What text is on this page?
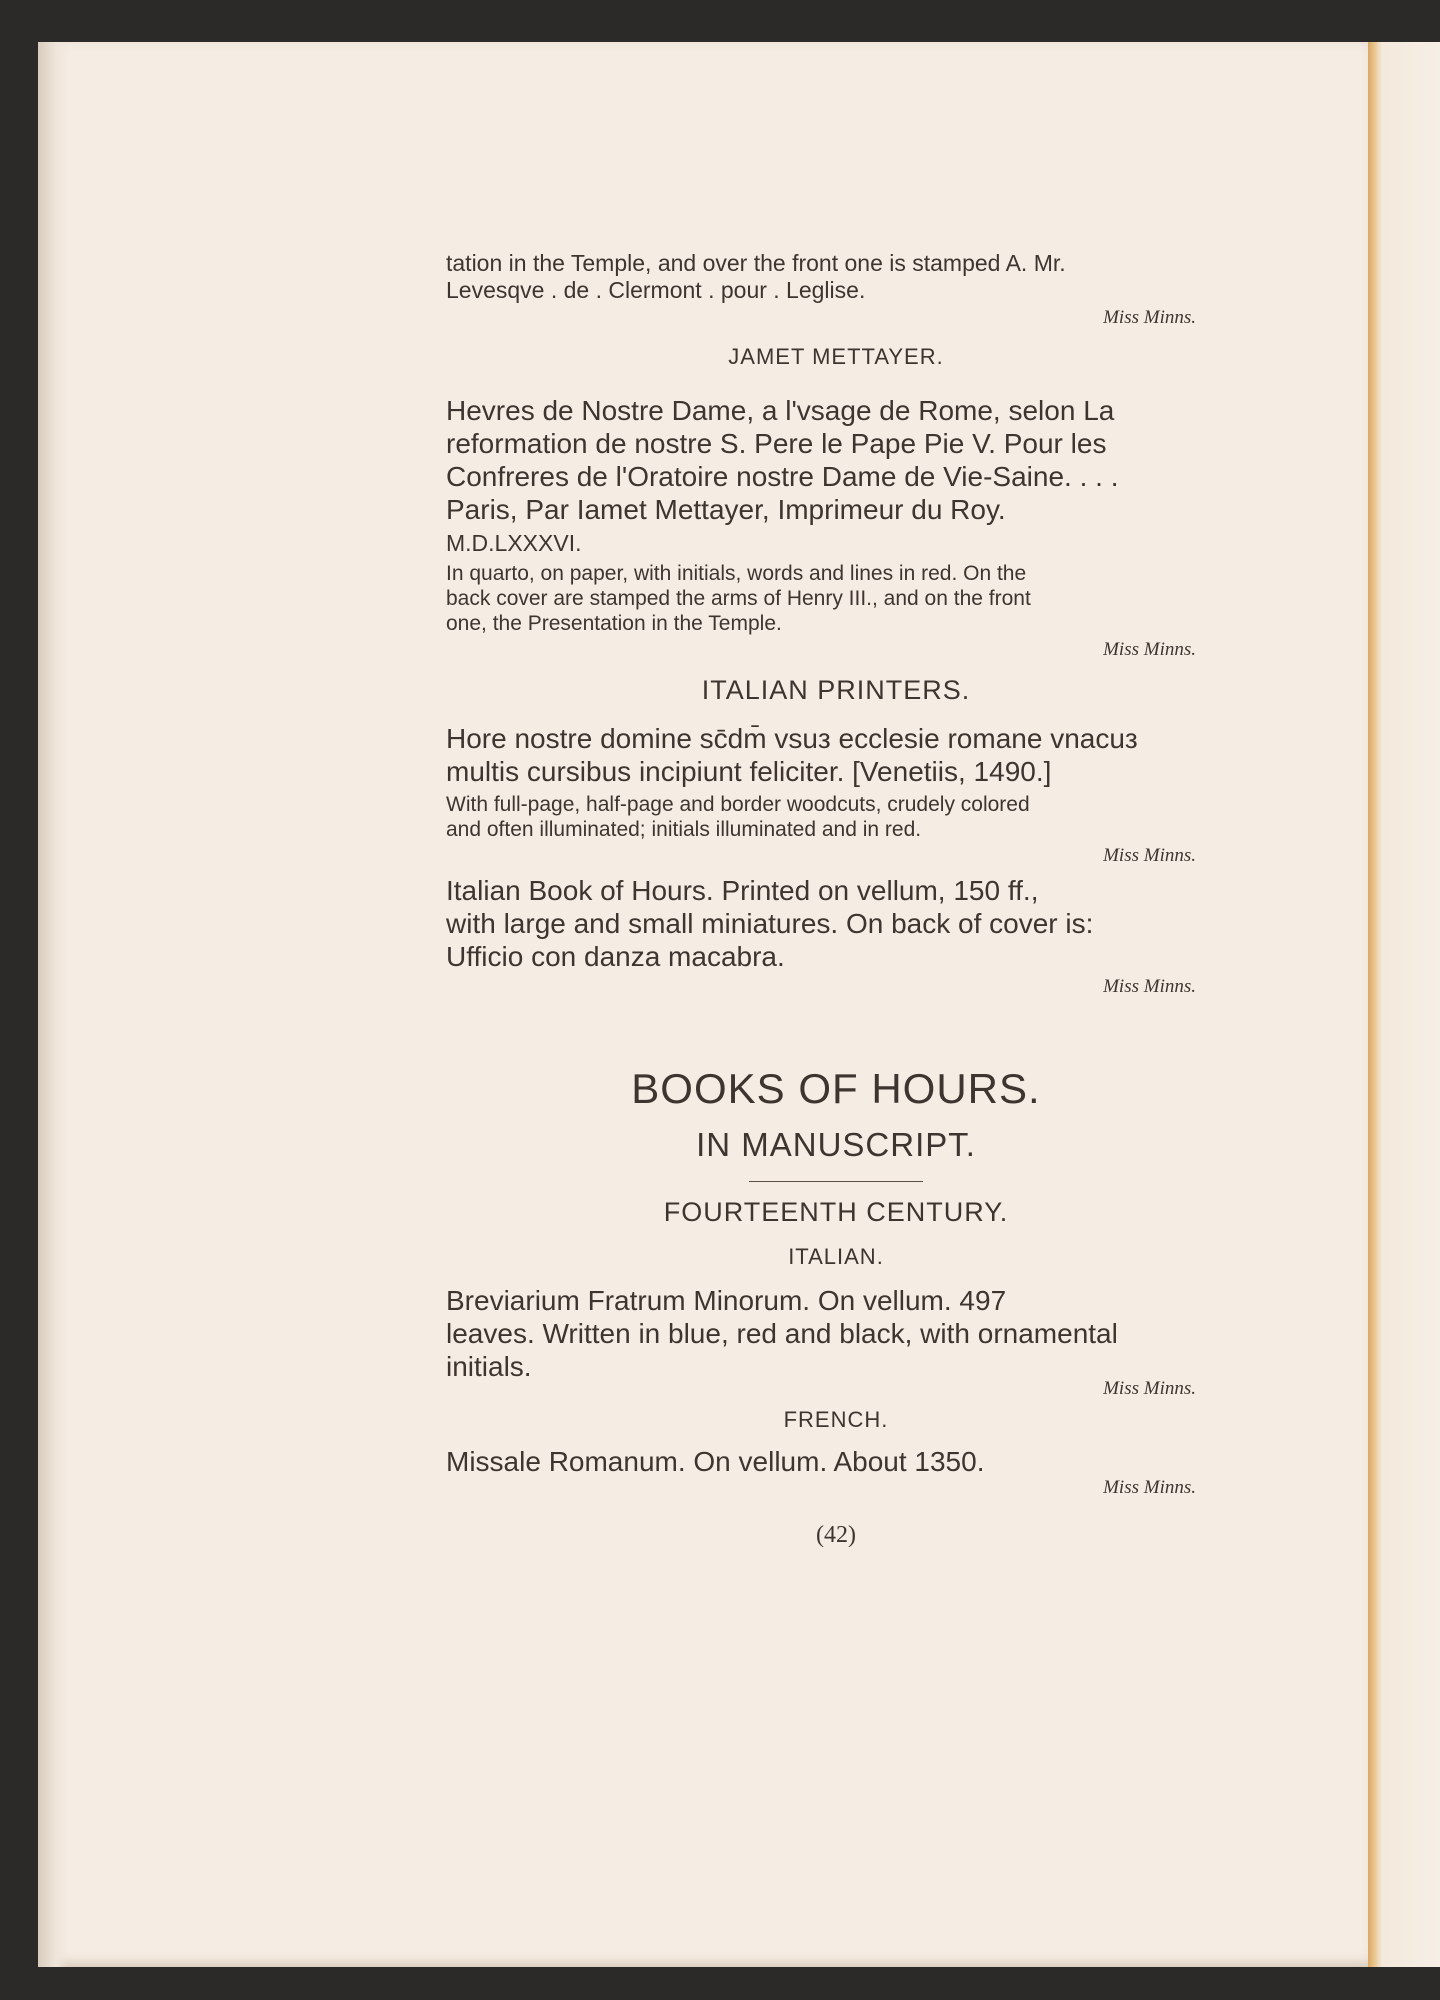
tation in the Temple, and over the front one is stamped A. Mr.

Levesqve . de . Clermont . pour . Leglise.

Miss Minns.

JAMET METTAYER.

Hevres de Nostre Dame, a l'vsage de Rome, selon La

reformation de nostre S. Pere le Pape Pie V. Pour les

Confreres de l'Oratoire nostre Dame de Vie-Saine. . . .

Paris, Par Iamet Mettayer, Imprimeur du Roy.

M.D.LXXXVI.

In quarto, on paper, with initials, words and lines in red. On the

back cover are stamped the arms of Henry III., and on the front

one, the Presentation in the Temple.

Miss Minns.

ITALIAN PRINTERS.

Hore nostre domine sc̄dm̄ vsuз ecclesie romane vnacuз

multis cursibus incipiunt feliciter. [Venetiis, 1490.]

With full-page, half-page and border woodcuts, crudely colored

and often illuminated; initials illuminated and in red.

Miss Minns.

Italian Book of Hours. Printed on vellum, 150 ff.,

with large and small miniatures. On back of cover is:

Ufficio con danza macabra.

Miss Minns.

BOOKS OF HOURS.

IN MANUSCRIPT.

FOURTEENTH CENTURY.

ITALIAN.

Breviarium Fratrum Minorum. On vellum. 497

leaves. Written in blue, red and black, with ornamental

initials.

Miss Minns.

FRENCH.

Missale Romanum. On vellum. About 1350.

Miss Minns.

(42)
